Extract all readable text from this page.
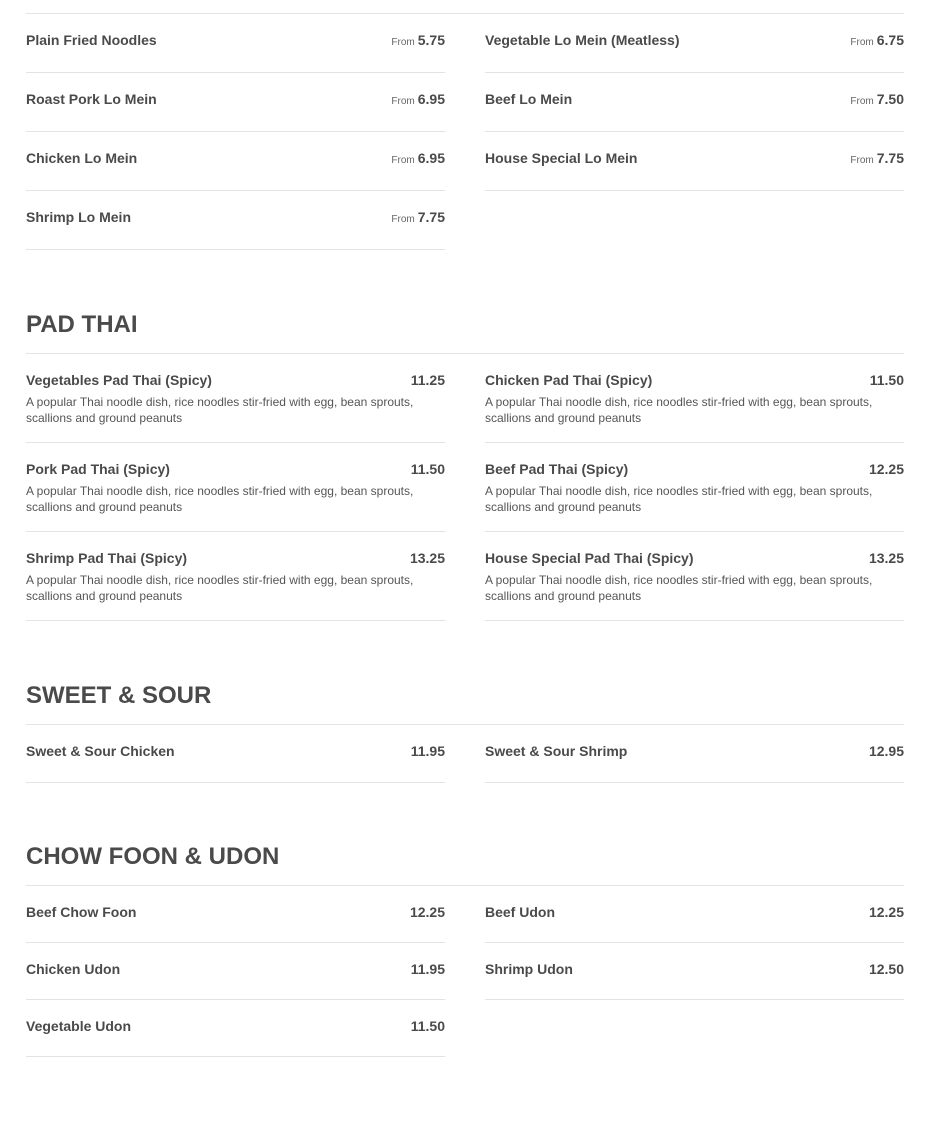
Plain Fried Noodles	From 5.75
Roast Pork Lo Mein	From 6.95
Chicken Lo Mein	From 6.95
Shrimp Lo Mein	From 7.75
Vegetable Lo Mein (Meatless)	From 6.75
Beef Lo Mein	From 7.50
House Special Lo Mein	From 7.75
PAD THAI
Vegetables Pad Thai (Spicy)	11.25
A popular Thai noodle dish, rice noodles stir-fried with egg, bean sprouts, scallions and ground peanuts
Pork Pad Thai (Spicy)	11.50
A popular Thai noodle dish, rice noodles stir-fried with egg, bean sprouts, scallions and ground peanuts
Shrimp Pad Thai (Spicy)	13.25
A popular Thai noodle dish, rice noodles stir-fried with egg, bean sprouts, scallions and ground peanuts
Chicken Pad Thai (Spicy)	11.50
A popular Thai noodle dish, rice noodles stir-fried with egg, bean sprouts, scallions and ground peanuts
Beef Pad Thai (Spicy)	12.25
A popular Thai noodle dish, rice noodles stir-fried with egg, bean sprouts, scallions and ground peanuts
House Special Pad Thai (Spicy)	13.25
A popular Thai noodle dish, rice noodles stir-fried with egg, bean sprouts, scallions and ground peanuts
SWEET & SOUR
Sweet & Sour Chicken	11.95	Sweet & Sour Shrimp	12.95
CHOW FOON & UDON
Beef Chow Foon	12.25
Chicken Udon	11.95
Vegetable Udon	11.50
Beef Udon	12.25
Shrimp Udon	12.50
